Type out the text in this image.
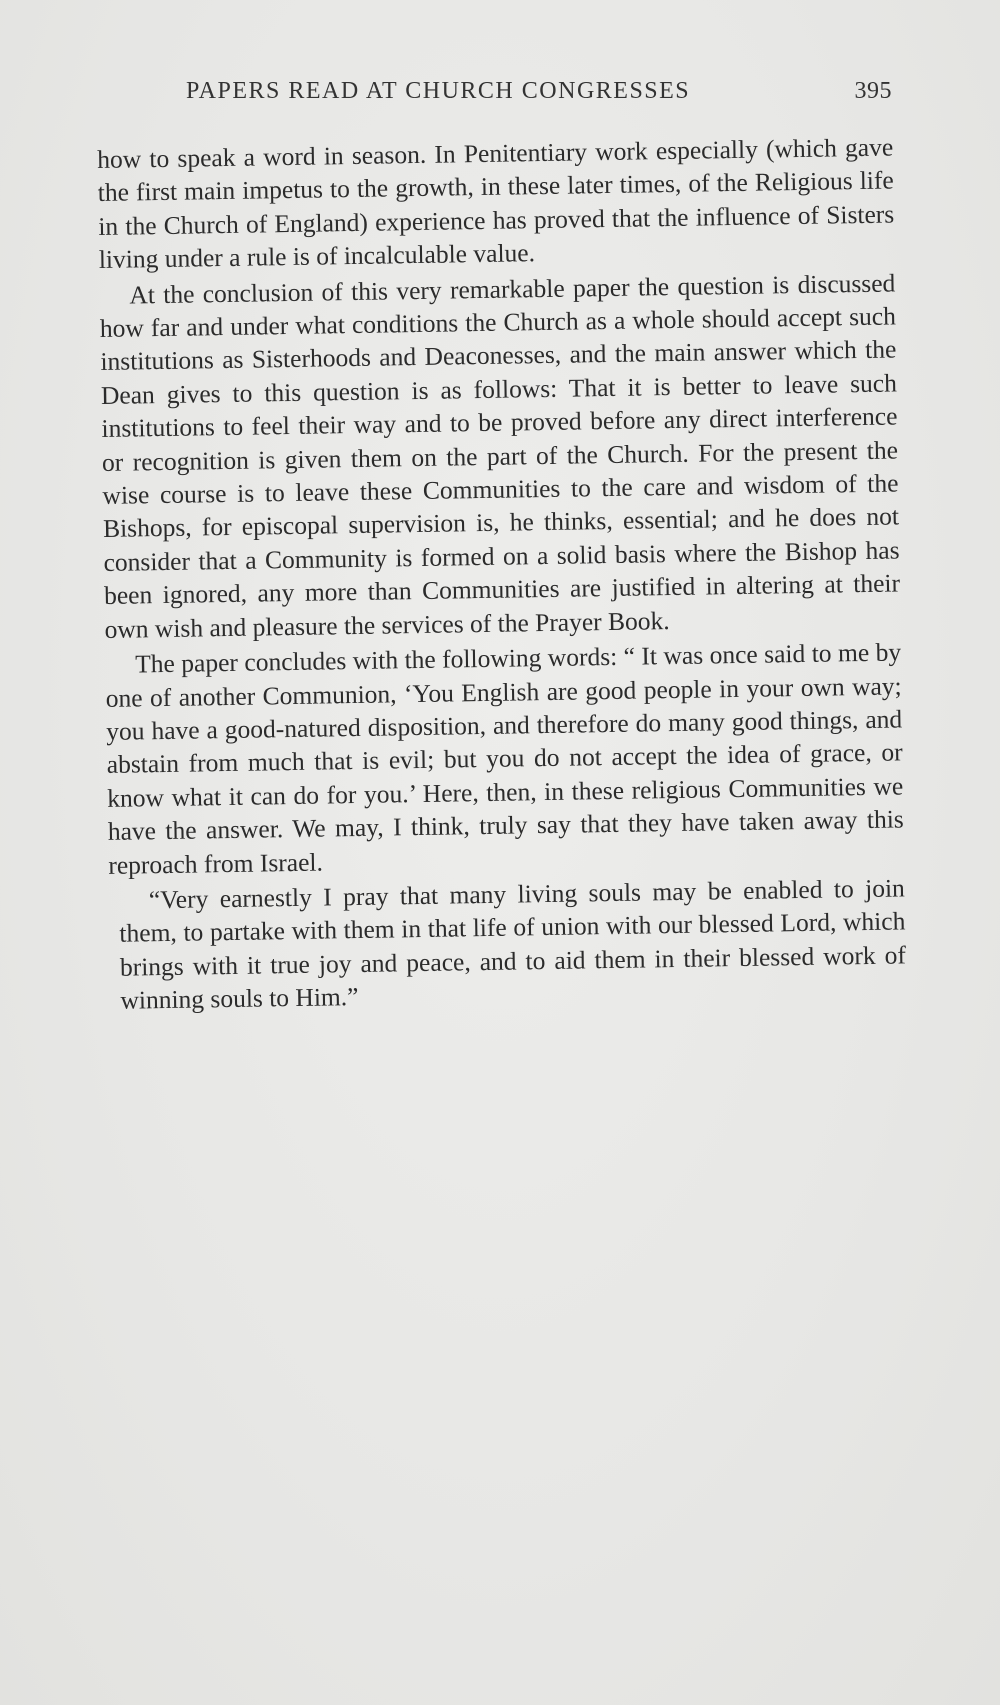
PAPERS READ AT CHURCH CONGRESSES	395

how to speak a word in season. In Penitentiary work especially (which gave the first main impetus to the growth, in these later times, of the Religious life in the Church of England) experience has proved that the influence of Sisters living under a rule is of incalculable value.

At the conclusion of this very remarkable paper the question is discussed how far and under what conditions the Church as a whole should accept such institutions as Sisterhoods and Deaconesses, and the main answer which the Dean gives to this question is as follows: That it is better to leave such institutions to feel their way and to be proved before any direct interference or recognition is given them on the part of the Church. For the present the wise course is to leave these Communities to the care and wisdom of the Bishops, for episcopal supervision is, he thinks, essential; and he does not consider that a Community is formed on a solid basis where the Bishop has been ignored, any more than Communities are justified in altering at their own wish and pleasure the services of the Prayer Book.

The paper concludes with the following words: “ It was once said to me by one of another Communion, ‘You English are good people in your own way; you have a good-natured disposition, and therefore do many good things, and abstain from much that is evil; but you do not accept the idea of grace, or know what it can do for you.’ Here, then, in these religious Communities we have the answer. We may, I think, truly say that they have taken away this reproach from Israel.

“Very earnestly I pray that many living souls may be enabled to join them, to partake with them in that life of union with our blessed Lord, which brings with it true joy and peace, and to aid them in their blessed work of winning souls to Him.”
